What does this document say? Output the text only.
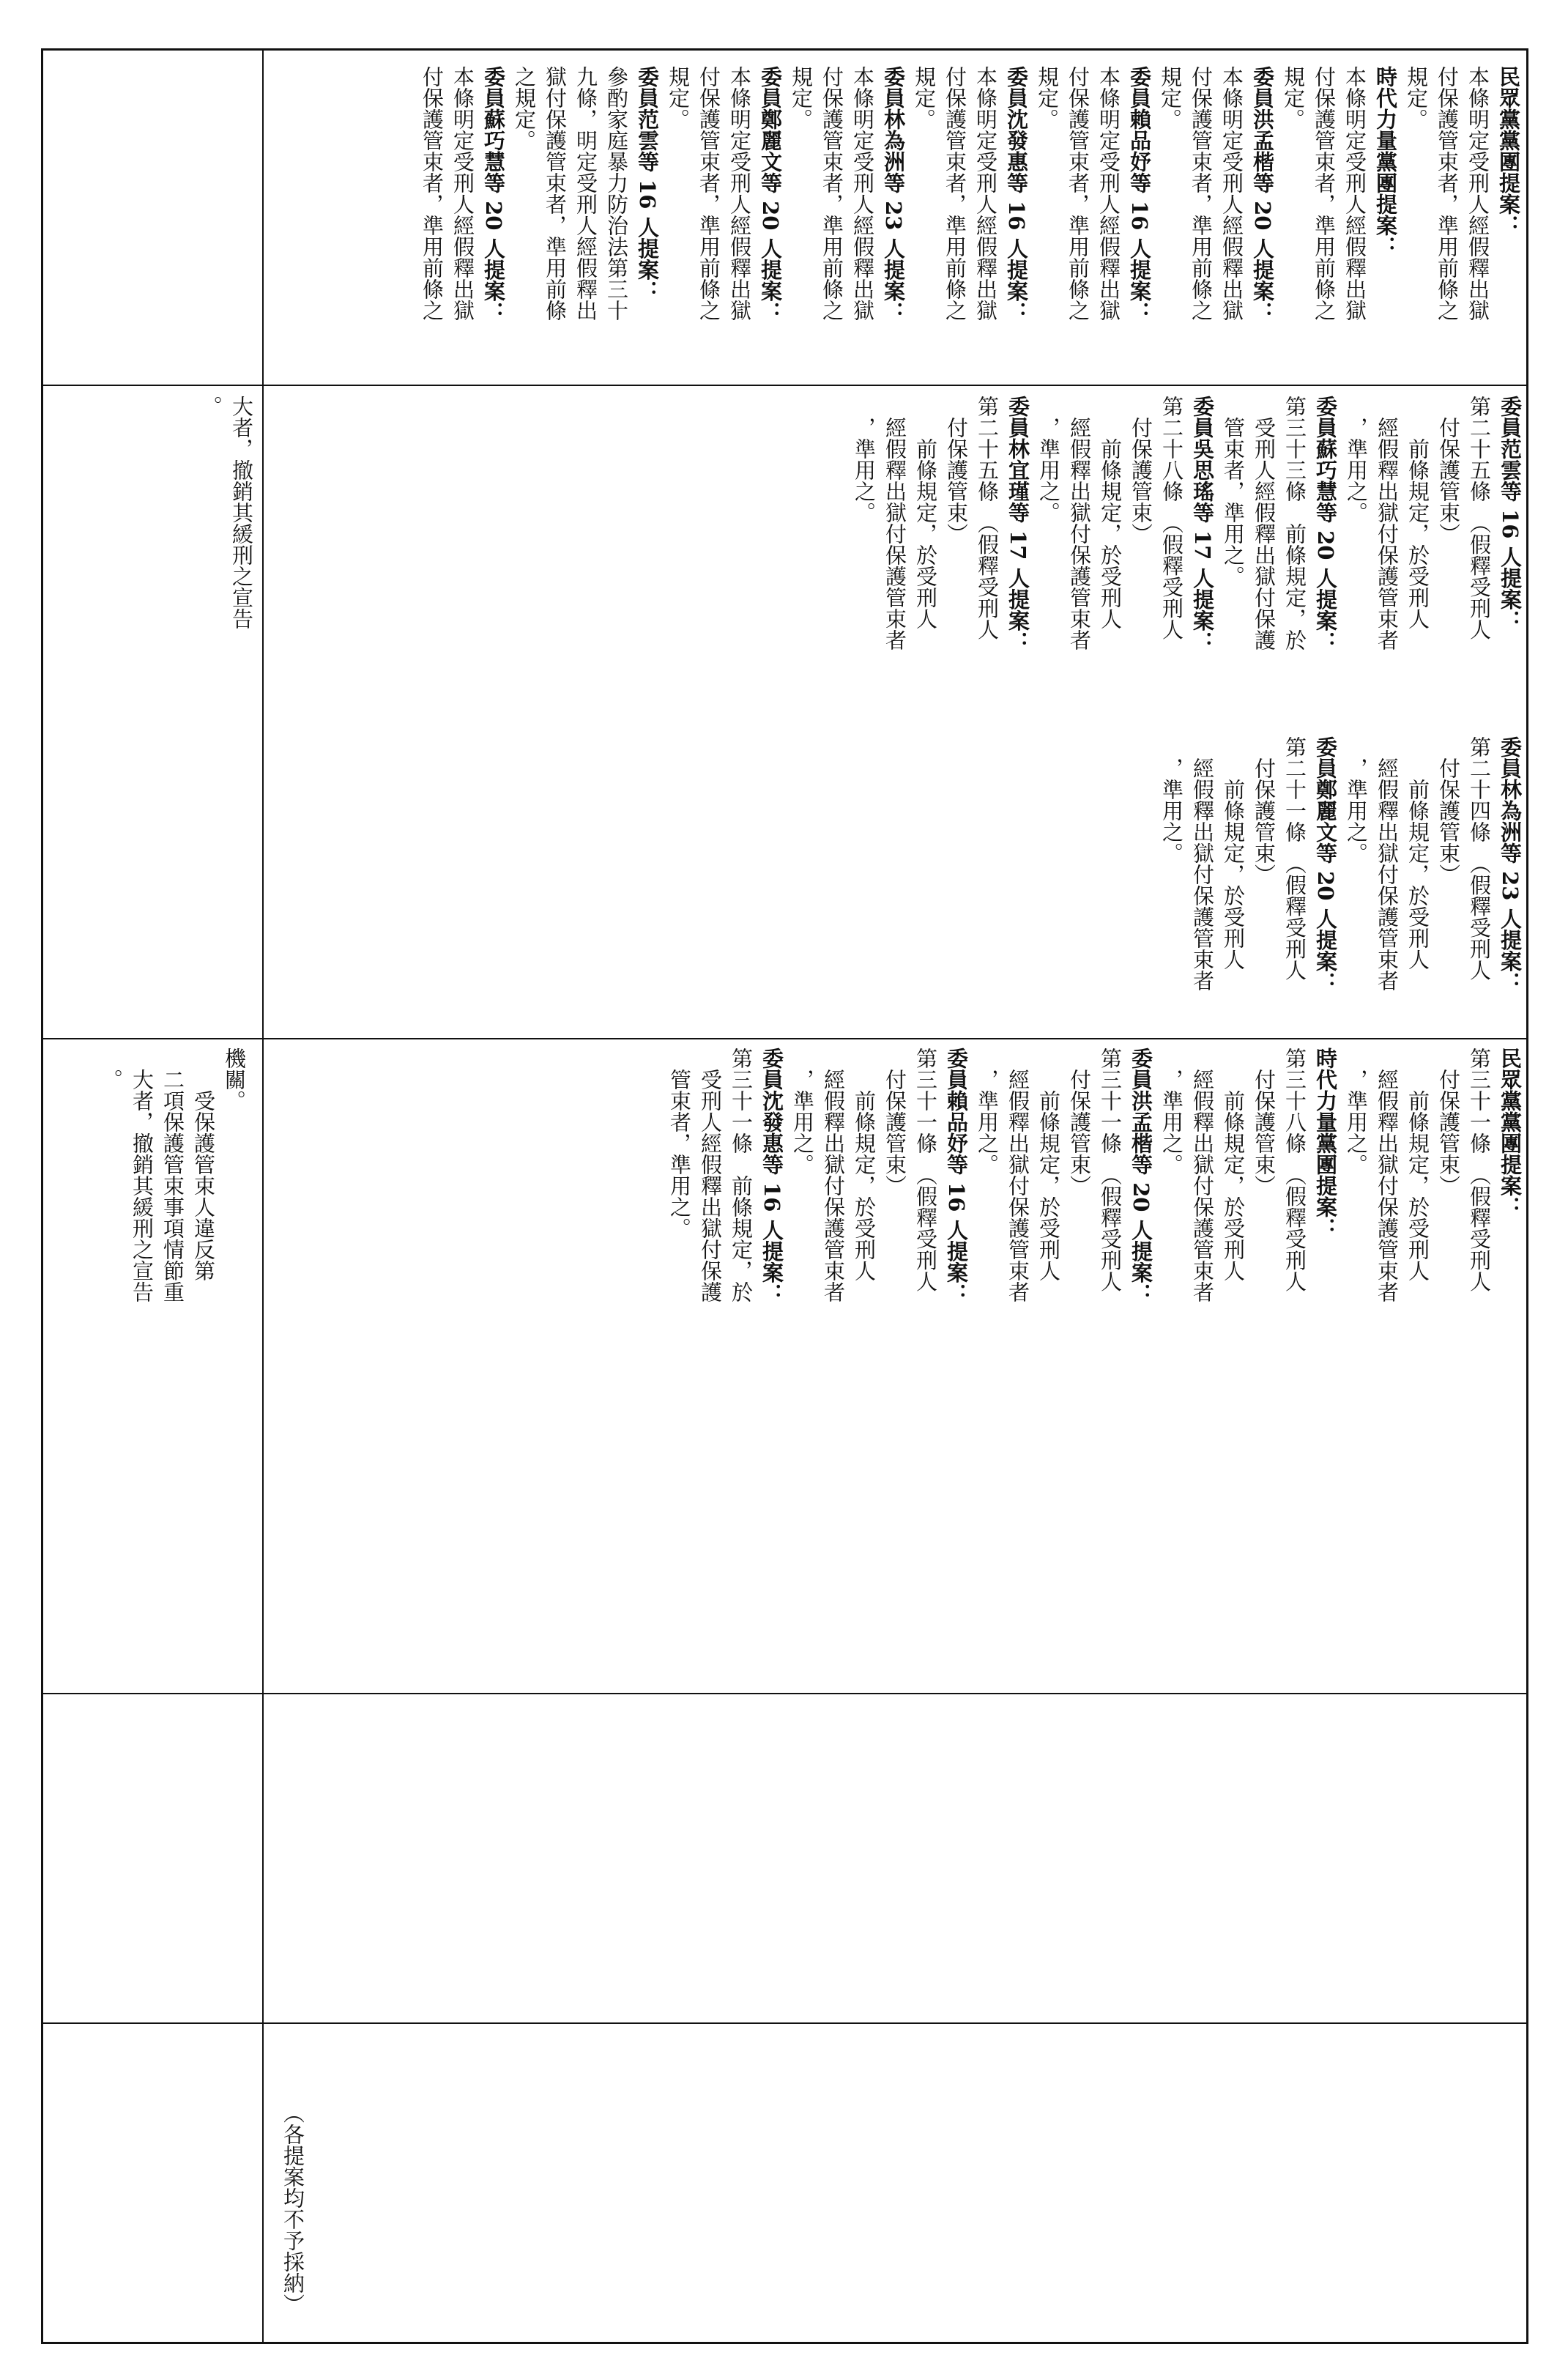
民眾黨黨團提案：
本條明定受刑人經假釋出獄
付保護管束者，準用前條之
規定。
時代力量黨團提案：
本條明定受刑人經假釋出獄
付保護管束者，準用前條之
規定。
委員洪孟楷等 20 人提案：
本條明定受刑人經假釋出獄
付保護管束者，準用前條之
規定。
委員賴品妤等 16 人提案：
本條明定受刑人經假釋出獄
付保護管束者，準用前條之
規定。
委員沈發惠等 16 人提案：
本條明定受刑人經假釋出獄
付保護管束者，準用前條之
規定。
委員林為洲等 23 人提案：
本條明定受刑人經假釋出獄
付保護管束者，準用前條之
規定。
委員鄭麗文等 20 人提案：
本條明定受刑人經假釋出獄
付保護管束者，準用前條之
規定。
委員范雲等 16 人提案：
參酌家庭暴力防治法第三十
九條，明定受刑人經假釋出
獄付保護管束者，準用前條
之規定。
委員蘇巧慧等 20 人提案：
本條明定受刑人經假釋出獄
付保護管束者，準用前條之
大者，撤銷其緩刑之宣告
。	委員范雲等 16 人提案：
第二十五條　（假釋受刑人
　付保護管束）
　　前條規定，於受刑人
　經假釋出獄付保護管束者
　，準用之。
委員蘇巧慧等 20 人提案：
第三十三條　前條規定，於
　受刑人經假釋出獄付保護
　管束者，準用之。
委員吳思瑤等 17 人提案：
第二十八條　（假釋受刑人
　付保護管束）
　　前條規定，於受刑人
　經假釋出獄付保護管束者
　，準用之。
委員林宜瑾等 17 人提案：
第二十五條　（假釋受刑人
　付保護管束）
　　前條規定，於受刑人
　經假釋出獄付保護管束者
　，準用之。
委員林為洲等 23 人提案：
第二十四條　（假釋受刑人
　付保護管束）
　　前條規定，於受刑人
　經假釋出獄付保護管束者
　，準用之。
委員鄭麗文等 20 人提案：
第二十一條　（假釋受刑人
　付保護管束）
　　前條規定，於受刑人
　經假釋出獄付保護管束者
　，準用之。
機關。
　　受保護管束人違反第
　二項保護管束事項情節重
　大者，撤銷其緩刑之宣告
　。	民眾黨黨團提案：
第三十一條　（假釋受刑人
　付保護管束）
　　前條規定，於受刑人
　經假釋出獄付保護管束者
　，準用之。
時代力量黨團提案：
第三十八條　（假釋受刑人
　付保護管束）
　　前條規定，於受刑人
　經假釋出獄付保護管束者
　，準用之。
委員洪孟楷等 20 人提案：
第三十一條　（假釋受刑人
　付保護管束）
　　前條規定，於受刑人
　經假釋出獄付保護管束者
　，準用之。
委員賴品妤等 16 人提案：
第三十一條　（假釋受刑人
　付保護管束）
　　前條規定，於受刑人
　經假釋出獄付保護管束者
　，準用之。
委員沈發惠等 16 人提案：
第三十一條　前條規定，於
　受刑人經假釋出獄付保護
　管束者，準用之。
（各提案均不予採納）
